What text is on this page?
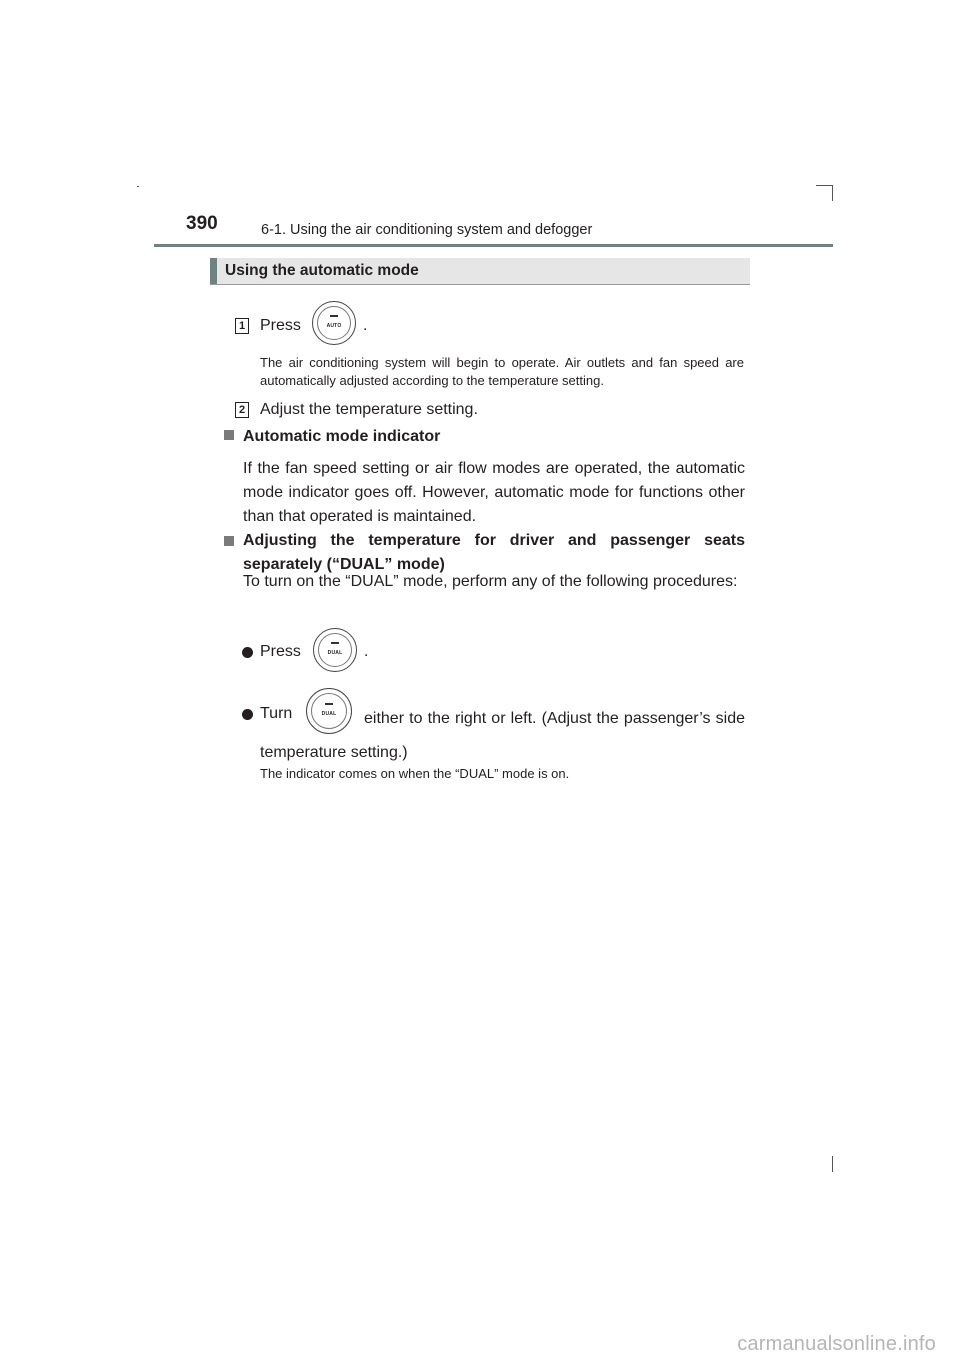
390	6-1. Using the air conditioning system and defogger
Using the automatic mode
1 Press	AUTO	.
The air conditioning system will begin to operate. Air outlets and fan speed are automatically adjusted according to the temperature setting.
2 Adjust the temperature setting.
Automatic mode indicator
If the fan speed setting or air flow modes are operated, the automatic mode indicator goes off. However, automatic mode for functions other than that operated is maintained.
Adjusting the temperature for driver and passenger seats separately (“DUAL” mode)
To turn on the “DUAL” mode, perform any of the following procedures:
Press	DUAL	.
Turn	DUAL	either to the right or left. (Adjust the passenger’s side temperature setting.)
The indicator comes on when the “DUAL” mode is on.
carmanualsonline.info
